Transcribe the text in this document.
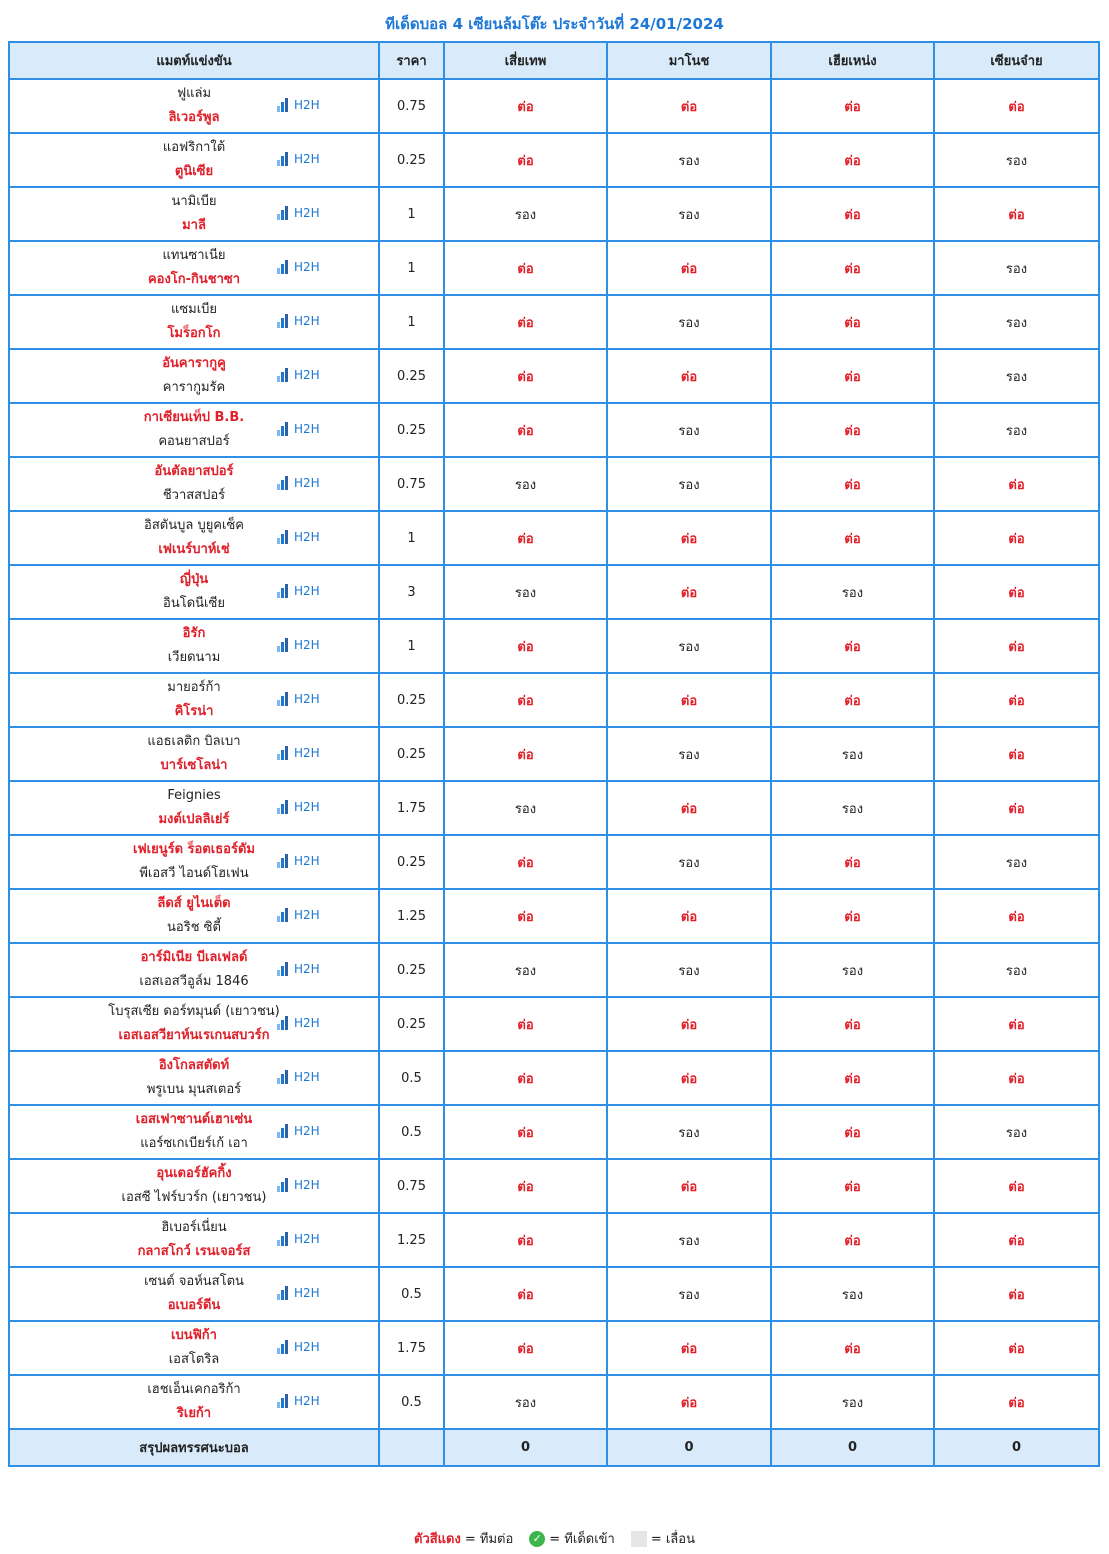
ทีเด็ดบอล 4 เซียนล้มโต๊ะ ประจำวันที่ 24/01/2024
แมตท์แข่งขัน	ราคา	เสี่ยเทพ	มาโนช	เฮียเหน่ง	เซียนจ๋าย

ฟูแล่ม
ลิเวอร์พูล
H2H	0.75	ต่อ	ต่อ	ต่อ	ต่อ

แอฟริกาใต้
ตูนิเซีย
H2H	0.25	ต่อ	รอง	ต่อ	รอง

นามิเบีย
มาลี
H2H	1	รอง	รอง	ต่อ	ต่อ

แทนซาเนีย
คองโก-กินชาซา
H2H	1	ต่อ	ต่อ	ต่อ	รอง

แซมเบีย
โมร็อกโก
H2H	1	ต่อ	รอง	ต่อ	รอง

อันคารากูคู
คารากูมรัค
H2H	0.25	ต่อ	ต่อ	ต่อ	รอง

กาเซียนเท็ป B.B.
คอนยาสปอร์
H2H	0.25	ต่อ	รอง	ต่อ	รอง

อันตัลยาสปอร์
ชีวาสสปอร์
H2H	0.75	รอง	รอง	ต่อ	ต่อ

อิสตันบูล บูยูคเซ็ค
เฟเนร์บาห์เช่
H2H	1	ต่อ	ต่อ	ต่อ	ต่อ

ญี่ปุ่น
อินโดนีเซีย
H2H	3	รอง	ต่อ	รอง	ต่อ

อิรัก
เวียดนาม
H2H	1	ต่อ	รอง	ต่อ	ต่อ

มายอร์ก้า
คิโรน่า
H2H	0.25	ต่อ	ต่อ	ต่อ	ต่อ

แอธเลติก บิลเบา
บาร์เซโลน่า
H2H	0.25	ต่อ	รอง	รอง	ต่อ

Feignies
มงต์เปลลิเย่ร์
H2H	1.75	รอง	ต่อ	รอง	ต่อ

เฟเยนูร์ด ร็อตเธอร์ดัม
พีเอสวี ไอนด์โฮเฟน
H2H	0.25	ต่อ	รอง	ต่อ	รอง

ลีดส์ ยูไนเต็ด
นอริช ซิตี้
H2H	1.25	ต่อ	ต่อ	ต่อ	ต่อ

อาร์มิเนีย บีเลเฟลด์
เอสเอสวีอูล์ม 1846
H2H	0.25	รอง	รอง	รอง	รอง

โบรุสเซีย ดอร์ทมุนด์ (เยาวชน)
เอสเอสวียาห์นเรเกนสบวร์ก
H2H	0.25	ต่อ	ต่อ	ต่อ	ต่อ

อิงโกลสตัดท์
พรูเบน มุนสเตอร์
H2H	0.5	ต่อ	ต่อ	ต่อ	ต่อ

เอสเฟาซานด์เฮาเซ่น
แอร์ซเกเบียร์เก้ เอา
H2H	0.5	ต่อ	รอง	ต่อ	รอง

อุนเตอร์ฮัคกิ้ง
เอสซี ไฟร์บวร์ก (เยาวชน)
H2H	0.75	ต่อ	ต่อ	ต่อ	ต่อ

ฮิเบอร์เนี่ยน
กลาสโกว์ เรนเจอร์ส
H2H	1.25	ต่อ	รอง	ต่อ	ต่อ

เซนต์ จอห์นสโตน
อเบอร์ดีน
H2H	0.5	ต่อ	รอง	รอง	ต่อ

เบนฟิก้า
เอสโตริล
H2H	1.75	ต่อ	ต่อ	ต่อ	ต่อ

เฮชเอ็นเคกอริก้า
ริเยก้า
H2H	0.5	รอง	ต่อ	รอง	ต่อ
สรุปผลทรรศนะบอล		0	0	0	0
ตัวสีแดง = ทีมต่อ	✓ = ทีเด็ดเข้า	= เลื่อน
